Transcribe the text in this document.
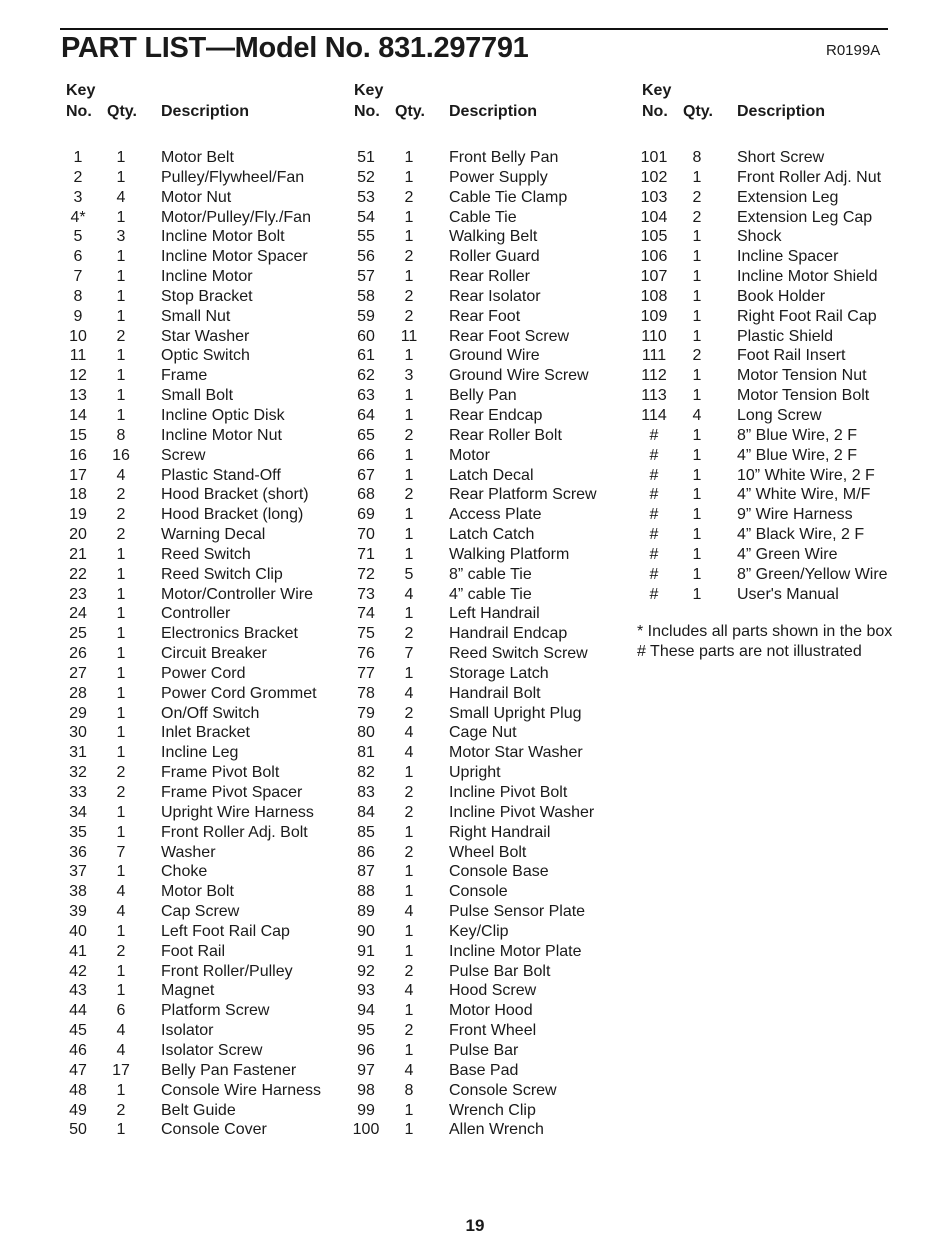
PART LIST—Model No. 831.297791	R0199A
Key
No. Qty. Description
1	1	Motor Belt
2	1	Pulley/Flywheel/Fan
3	4	Motor Nut
4*	1	Motor/Pulley/Fly./Fan
5	3	Incline Motor Bolt
6	1	Incline Motor Spacer
7	1	Incline Motor
8	1	Stop Bracket
9	1	Small Nut
10	2	Star Washer
11	1	Optic Switch
12	1	Frame
13	1	Small Bolt
14	1	Incline Optic Disk
15	8	Incline Motor Nut
16	16	Screw
17	4	Plastic Stand-Off
18	2	Hood Bracket (short)
19	2	Hood Bracket (long)
20	2	Warning Decal
21	1	Reed Switch
22	1	Reed Switch Clip
23	1	Motor/Controller Wire
24	1	Controller
25	1	Electronics Bracket
26	1	Circuit Breaker
27	1	Power Cord
28	1	Power Cord Grommet
29	1	On/Off Switch
30	1	Inlet Bracket
31	1	Incline Leg
32	2	Frame Pivot Bolt
33	2	Frame Pivot Spacer
34	1	Upright Wire Harness
35	1	Front Roller Adj. Bolt
36	7	Washer
37	1	Choke
38	4	Motor Bolt
39	4	Cap Screw
40	1	Left Foot Rail Cap
41	2	Foot Rail
42	1	Front Roller/Pulley
43	1	Magnet
44	6	Platform Screw
45	4	Isolator
46	4	Isolator Screw
47	17	Belly Pan Fastener
48	1	Console Wire Harness
49	2	Belt Guide
50	1	Console Cover
Key
No. Qty. Description
51	1	Front Belly Pan
52	1	Power Supply
53	2	Cable Tie Clamp
54	1	Cable Tie
55	1	Walking Belt
56	2	Roller Guard
57	1	Rear Roller
58	2	Rear Isolator
59	2	Rear Foot
60	11	Rear Foot Screw
61	1	Ground Wire
62	3	Ground Wire Screw
63	1	Belly Pan
64	1	Rear Endcap
65	2	Rear Roller Bolt
66	1	Motor
67	1	Latch Decal
68	2	Rear Platform Screw
69	1	Access Plate
70	1	Latch Catch
71	1	Walking Platform
72	5	8” cable Tie
73	4	4” cable Tie
74	1	Left Handrail
75	2	Handrail Endcap
76	7	Reed Switch Screw
77	1	Storage Latch
78	4	Handrail Bolt
79	2	Small Upright Plug
80	4	Cage Nut
81	4	Motor Star Washer
82	1	Upright
83	2	Incline Pivot Bolt
84	2	Incline Pivot Washer
85	1	Right Handrail
86	2	Wheel Bolt
87	1	Console Base
88	1	Console
89	4	Pulse Sensor Plate
90	1	Key/Clip
91	1	Incline Motor Plate
92	2	Pulse Bar Bolt
93	4	Hood Screw
94	1	Motor Hood
95	2	Front Wheel
96	1	Pulse Bar
97	4	Base Pad
98	8	Console Screw
99	1	Wrench Clip
100	1	Allen Wrench
Key
No. Qty. Description
101	8	Short Screw
102	1	Front Roller Adj. Nut
103	2	Extension Leg
104	2	Extension Leg Cap
105	1	Shock
106	1	Incline Spacer
107	1	Incline Motor Shield
108	1	Book Holder
109	1	Right Foot Rail Cap
110	1	Plastic Shield
111	2	Foot Rail Insert
112	1	Motor Tension Nut
113	1	Motor Tension Bolt
114	4	Long Screw
#	1	8” Blue Wire, 2 F
#	1	4” Blue Wire, 2 F
#	1	10” White Wire, 2 F
#	1	4” White Wire, M/F
#	1	9” Wire Harness
#	1	4” Black Wire, 2 F
#	1	4” Green Wire
#	1	8” Green/Yellow Wire
#	1	User's Manual
* Includes all parts shown in the box
# These parts are not illustrated
19
